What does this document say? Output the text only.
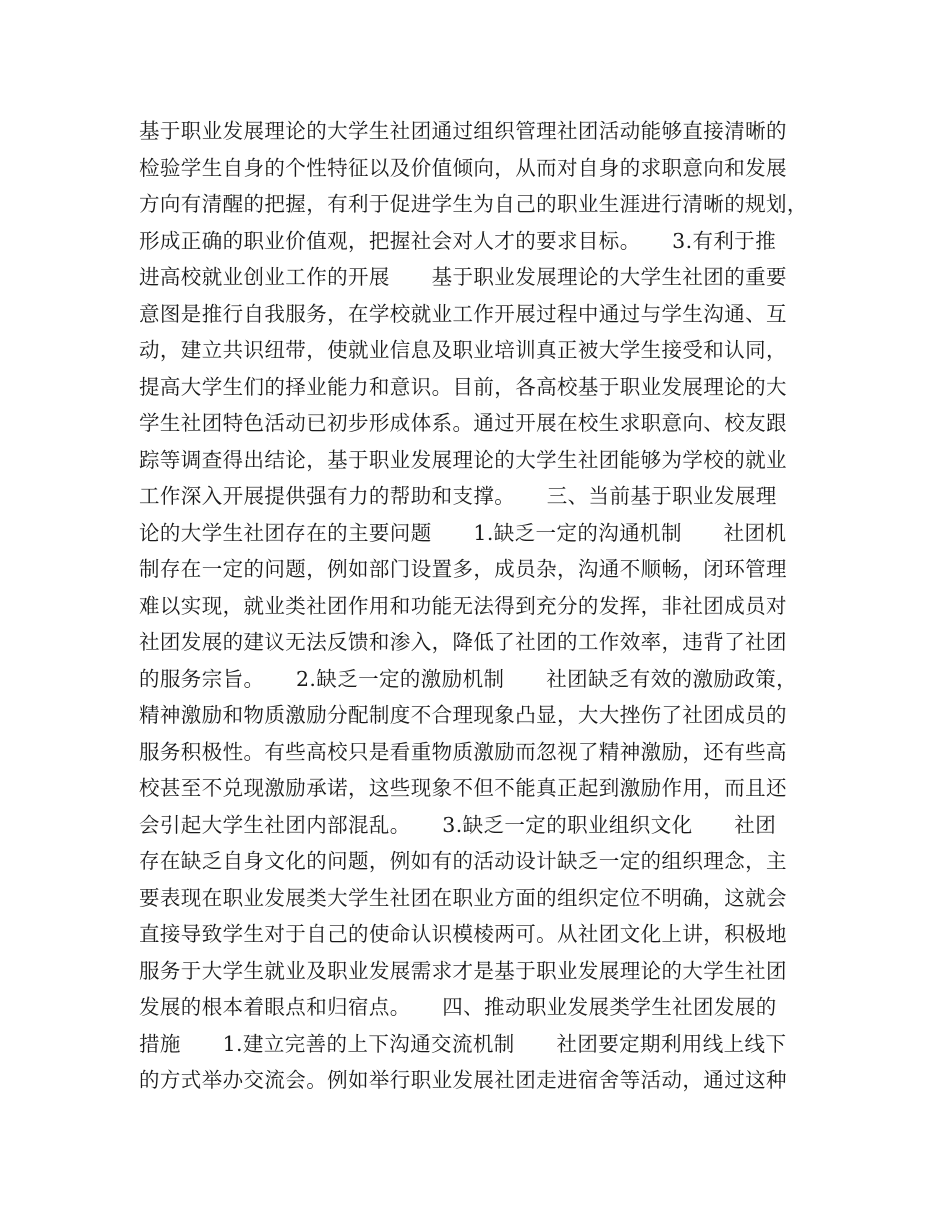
基于职业发展理论的大学生社团通过组织管理社团活动能够直接清晰的
检验学生自身的个性特征以及价值倾向，从而对自身的求职意向和发展
方向有清醒的把握，有利于促进学生为自己的职业生涯进行清晰的规划，
形成正确的职业价值观，把握社会对人才的要求目标。　　3.有利于推
进高校就业创业工作的开展　　基于职业发展理论的大学生社团的重要
意图是推行自我服务，在学校就业工作开展过程中通过与学生沟通、互
动，建立共识纽带，使就业信息及职业培训真正被大学生接受和认同，
提高大学生们的择业能力和意识。目前，各高校基于职业发展理论的大
学生社团特色活动已初步形成体系。通过开展在校生求职意向、校友跟
踪等调查得出结论，基于职业发展理论的大学生社团能够为学校的就业
工作深入开展提供强有力的帮助和支撑。　　三、当前基于职业发展理
论的大学生社团存在的主要问题　　1.缺乏一定的沟通机制　　社团机
制存在一定的问题，例如部门设置多，成员杂，沟通不顺畅，闭环管理
难以实现，就业类社团作用和功能无法得到充分的发挥，非社团成员对
社团发展的建议无法反馈和渗入，降低了社团的工作效率，违背了社团
的服务宗旨。　　2.缺乏一定的激励机制　　社团缺乏有效的激励政策，
精神激励和物质激励分配制度不合理现象凸显，大大挫伤了社团成员的
服务积极性。有些高校只是看重物质激励而忽视了精神激励，还有些高
校甚至不兑现激励承诺，这些现象不但不能真正起到激励作用，而且还
会引起大学生社团内部混乱。　　3.缺乏一定的职业组织文化　　社团
存在缺乏自身文化的问题，例如有的活动设计缺乏一定的组织理念，主
要表现在职业发展类大学生社团在职业方面的组织定位不明确，这就会
直接导致学生对于自己的使命认识模棱两可。从社团文化上讲，积极地
服务于大学生就业及职业发展需求才是基于职业发展理论的大学生社团
发展的根本着眼点和归宿点。　　四、推动职业发展类学生社团发展的
措施　　1.建立完善的上下沟通交流机制　　社团要定期利用线上线下
的方式举办交流会。例如举行职业发展社团走进宿舍等活动，通过这种
